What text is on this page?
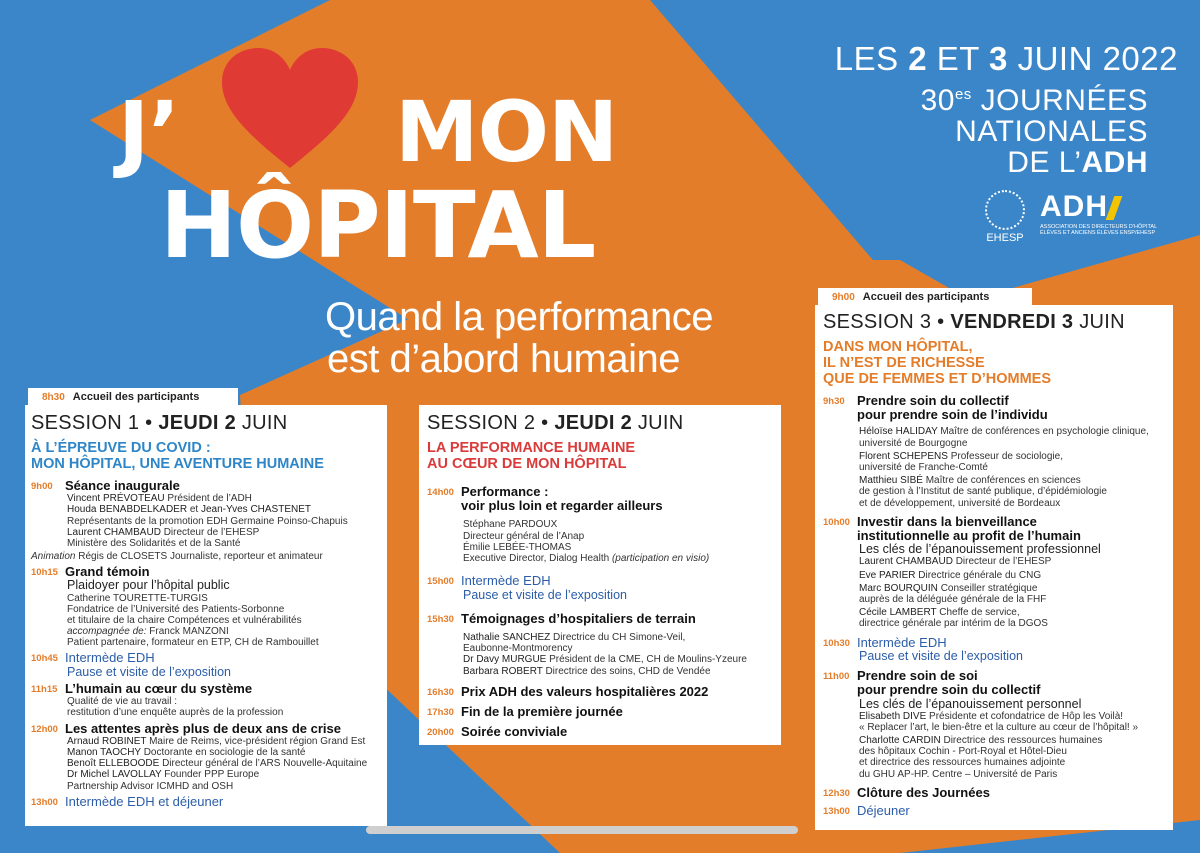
J’	MON
HÔPITAL
Quand la performance
est d’abord humaine
LES 2 ET 3 JUIN 2022
$30^{es}$ JOURNÉES
NATIONALES
DE L’ADH
EHESP
ADH
ASSOCIATION DES DIRECTEURS D’HÔPITAL
ÉLÈVES ET ANCIENS ÉLÈVES ENSP/EHESP
8h30 Accueil des participants
SESSION 1 • JEUDI 2 JUIN
À L’ÉPREUVE DU COVID :
MON HÔPITAL, UNE AVENTURE HUMAINE
9h00 Séance inaugurale
Vincent PRÉVOTEAU Président de l’ADH
Houda BENABDELKADER et Jean-Yves CHASTENET
Représentants de la promotion EDH Germaine Poinso-Chapuis
Laurent CHAMBAUD Directeur de l’EHESP
Ministère des Solidarités et de la Santé
Animation Régis de CLOSETS Journaliste, reporteur et animateur
10h15 Grand témoin
Plaidoyer pour l’hôpital public
Catherine TOURETTE-TURGIS
Fondatrice de l’Université des Patients-Sorbonne
et titulaire de la chaire Compétences et vulnérabilités
accompagnée de: Franck MANZONI
Patient partenaire, formateur en ETP, CH de Rambouillet
10h45 Intermède EDH
Pause et visite de l’exposition
11h15 L’humain au cœur du système
Qualité de vie au travail :
restitution d’une enquête auprès de la profession
12h00 Les attentes après plus de deux ans de crise
Arnaud ROBINET Maire de Reims, vice-président région Grand Est
Manon TAOCHY Doctorante en sociologie de la santé
Benoît ELLEBOODE Directeur général de l’ARS Nouvelle-Aquitaine
Dr Michel LAVOLLAY Founder PPP Europe
Partnership Advisor ICMHD and OSH
13h00 Intermède EDH et déjeuner
SESSION 2 • JEUDI 2 JUIN
LA PERFORMANCE HUMAINE
AU CŒUR DE MON HÔPITAL
14h00 Performance :
voir plus loin et regarder ailleurs
Stéphane PARDOUX
Directeur général de l’Anap
Émilie LEBÉE-THOMAS
Executive Director, Dialog Health (participation en visio)
15h00 Intermède EDH
Pause et visite de l’exposition
15h30 Témoignages d’hospitaliers de terrain
Nathalie SANCHEZ Directrice du CH Simone-Veil,
Eaubonne-Montmorency
Dr Davy MURGUE Président de la CME, CH de Moulins-Yzeure
Barbara ROBERT Directrice des soins, CHD de Vendée
16h30 Prix ADH des valeurs hospitalières 2022
17h30 Fin de la première journée
20h00 Soirée conviviale
9h00 Accueil des participants
SESSION 3 • VENDREDI 3 JUIN
DANS MON HÔPITAL,
IL N’EST DE RICHESSE
QUE DE FEMMES ET D’HOMMES
9h30 Prendre soin du collectif
pour prendre soin de l’individu
Héloïse HALIDAY Maître de conférences en psychologie clinique,
université de Bourgogne
Florent SCHEPENS Professeur de sociologie,
université de Franche-Comté
Matthieu SIBÉ Maître de conférences en sciences
de gestion à l’Institut de santé publique, d’épidémiologie
et de développement, université de Bordeaux
10h00 Investir dans la bienveillance
institutionnelle au profit de l’humain
Les clés de l’épanouissement professionnel
Laurent CHAMBAUD Directeur de l’EHESP
Eve PARIER Directrice générale du CNG
Marc BOURQUIN Conseiller stratégique
auprès de la déléguée générale de la FHF
Cécile LAMBERT Cheffe de service,
directrice générale par intérim de la DGOS
10h30 Intermède EDH
Pause et visite de l’exposition
11h00 Prendre soin de soi
pour prendre soin du collectif
Les clés de l’épanouissement personnel
Elisabeth DIVE Présidente et cofondatrice de Hôp les Voilà!
« Replacer l’art, le bien-être et la culture au cœur de l’hôpital! »
Charlotte CARDIN Directrice des ressources humaines
des hôpitaux Cochin - Port-Royal et Hôtel-Dieu
et directrice des ressources humaines adjointe
du GHU AP-HP. Centre – Université de Paris
12h30 Clôture des Journées
13h00 Déjeuner
